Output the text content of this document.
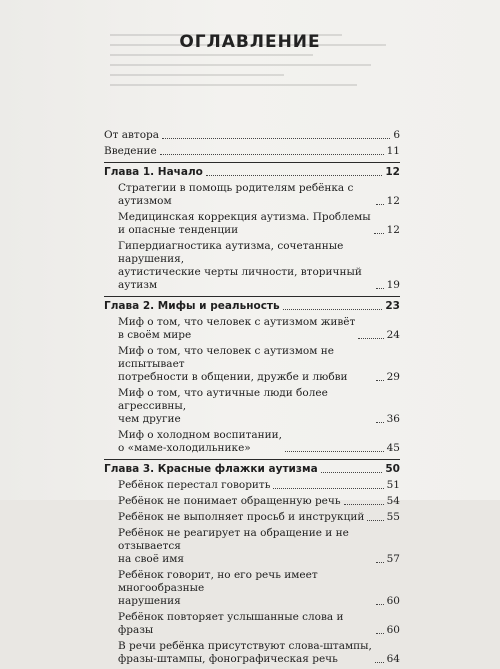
ОГЛАВЛЕНИЕ
От автора	6
Введение	11
Глава 1. Начало	12
Стратегии в помощь родителям ребёнка с аутизмом	12
Медицинская коррекция аутизма. Проблемы
и опасные тенденции	12
Гипердиагностика аутизма, сочетанные нарушения,
аутистические черты личности, вторичный аутизм	19
Глава 2. Мифы и реальность	23
Миф о том, что человек с аутизмом живёт
в своём мире	24
Миф о том, что человек с аутизмом не испытывает
потребности в общении, дружбе и любви	29
Миф о том, что аутичные люди более агрессивны,
чем другие	36
Миф о холодном воспитании,
о «маме-холодильнике»	45
Глава 3. Красные флажки аутизма	50
Ребёнок перестал говорить	51
Ребёнок не понимает обращенную речь	54
Ребёнок не выполняет просьб и инструкций 55
Ребёнок не реагирует на обращение и не отзывается
на своё имя	57
Ребёнок говорит, но его речь имеет многообразные
нарушения	60
Ребёнок повторяет услышанные слова и фразы	60
В речи ребёнка присутствуют слова-штампы,
фразы-штампы, фонографическая речь	64
